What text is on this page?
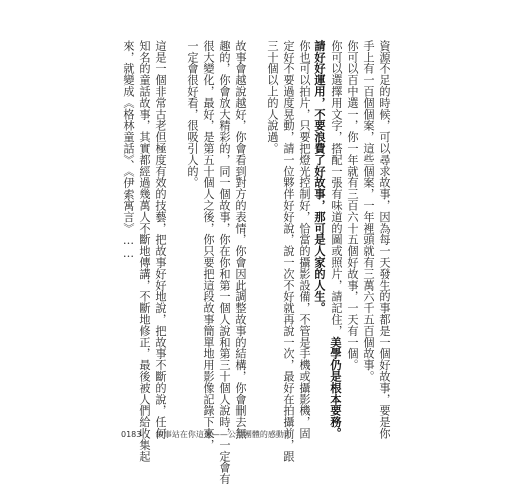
資源不足的時候，可以尋求故事，因為每一天發生的事都是一個好故事，要是你
手上有一百個個案，這些個案，一年裡頭就有三萬六千五百個故事。
你可以百中選一，你一年就有三百六十五個好故事，一天有一個。
你可以選擇用文字，搭配一張有味道的圖或照片，請記住，美學仍是根本要務。
請好好運用，不要浪費了好故事，那可是人家的人生。
你也可以拍片，只要把燈光控制好，恰當的攝影設備，不管是手機或攝影機，固
定好不要過度晃動，請一位夥伴好好說，說一次不好就再說一次，最好在拍攝前，跟
三十個以上的人說過。
故事會越說越好，你會看到對方的表情，你會因此調整故事的結構，你會刪去無
趣的，你會放大精彩的，同一個故事，你在你和第一個人說和第三十個人說時，一定會有
很大變化，最好，是第五十個人之後，你只要把這段故事簡單地用影像記錄下來，
一定會很好看，很吸引人的。
這是一個非常古老但極度有效的技藝，把故事好好地說，把故事不斷的說，任何
知名的童話故事，其實都經過幾萬人不斷地傳講，不斷地修正，最後被人們給收集起
來，就變成《格林童話》、《伊索寓言》……
0183 故事站在你這邊——公益團體的感動力
